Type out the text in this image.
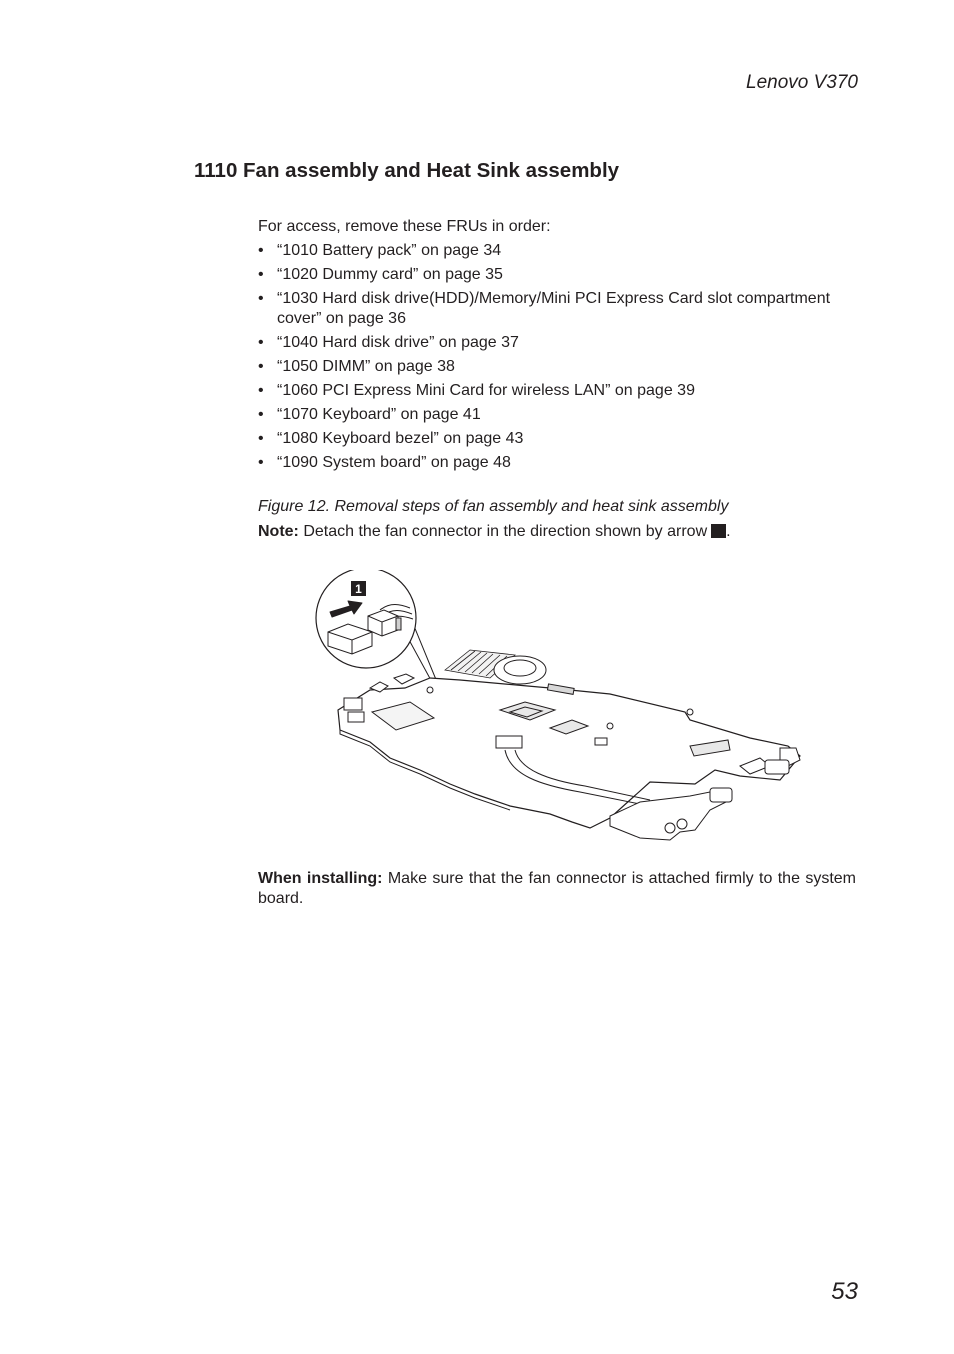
Lenovo V370
1110 Fan assembly and Heat Sink assembly

For access, remove these FRUs in order:

• “1010 Battery pack” on page 34
• “1020 Dummy card” on page 35
• “1030 Hard disk drive(HDD)/Memory/Mini PCI Express Card slot compartment cover” on page 36
• “1040 Hard disk drive” on page 37
• “1050 DIMM” on page 38
• “1060 PCI Express Mini Card for wireless LAN” on page 39
• “1070 Keyboard” on page 41
• “1080 Keyboard bezel” on page 43
• “1090 System board” on page 48
Figure 12. Removal steps of fan assembly and heat sink assembly
Note: Detach the fan connector in the direction shown by arrow .
1
When installing: Make sure that the fan connector is attached firmly to the system board.
53
